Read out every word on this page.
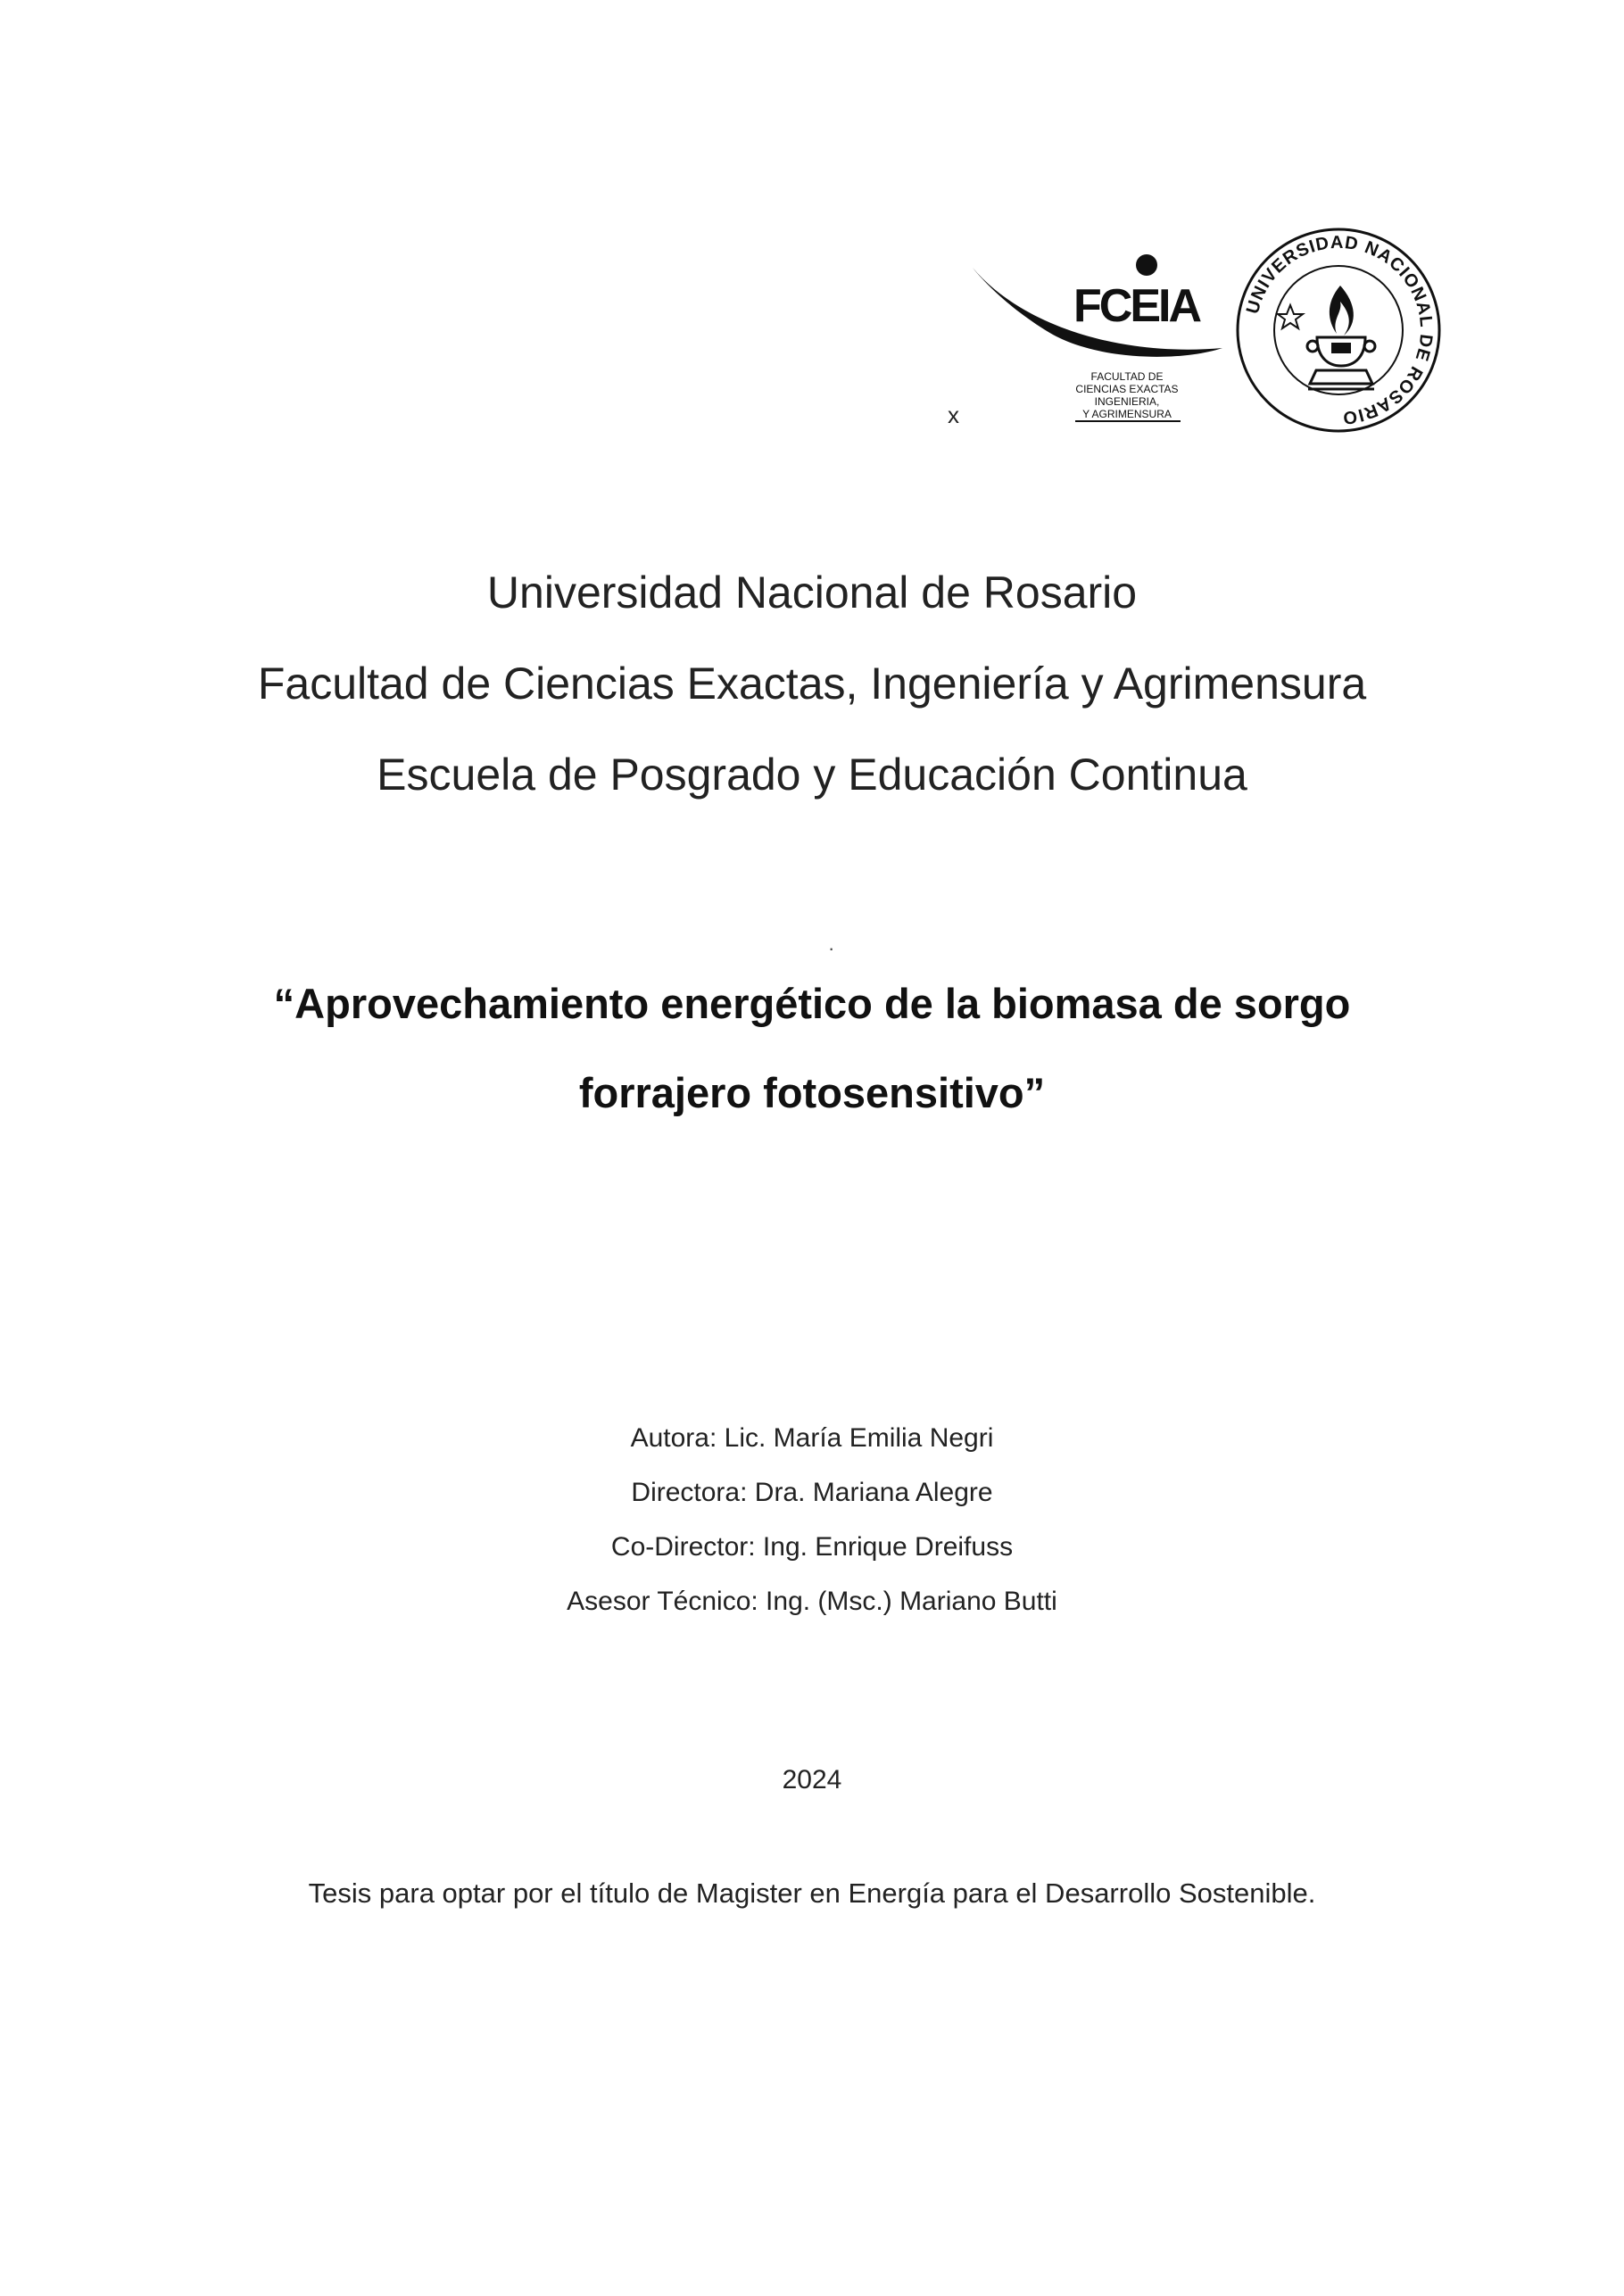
FCEIA
FACULTAD DE
CIENCIAS EXACTAS
INGENIERIA,
Y AGRIMENSURA
UNIVERSIDAD NACIONAL DE ROSARIO
x
Universidad Nacional de Rosario
Facultad de Ciencias Exactas, Ingeniería y Agrimensura
Escuela de Posgrado y Educación Continua
·
“Aprovechamiento energético de la biomasa de sorgo
forrajero fotosensitivo”
Autora: Lic. María Emilia Negri
Directora: Dra. Mariana Alegre
Co-Director: Ing. Enrique Dreifuss
Asesor Técnico: Ing. (Msc.) Mariano Butti
2024
Tesis para optar por el título de Magister en Energía para el Desarrollo Sostenible.
